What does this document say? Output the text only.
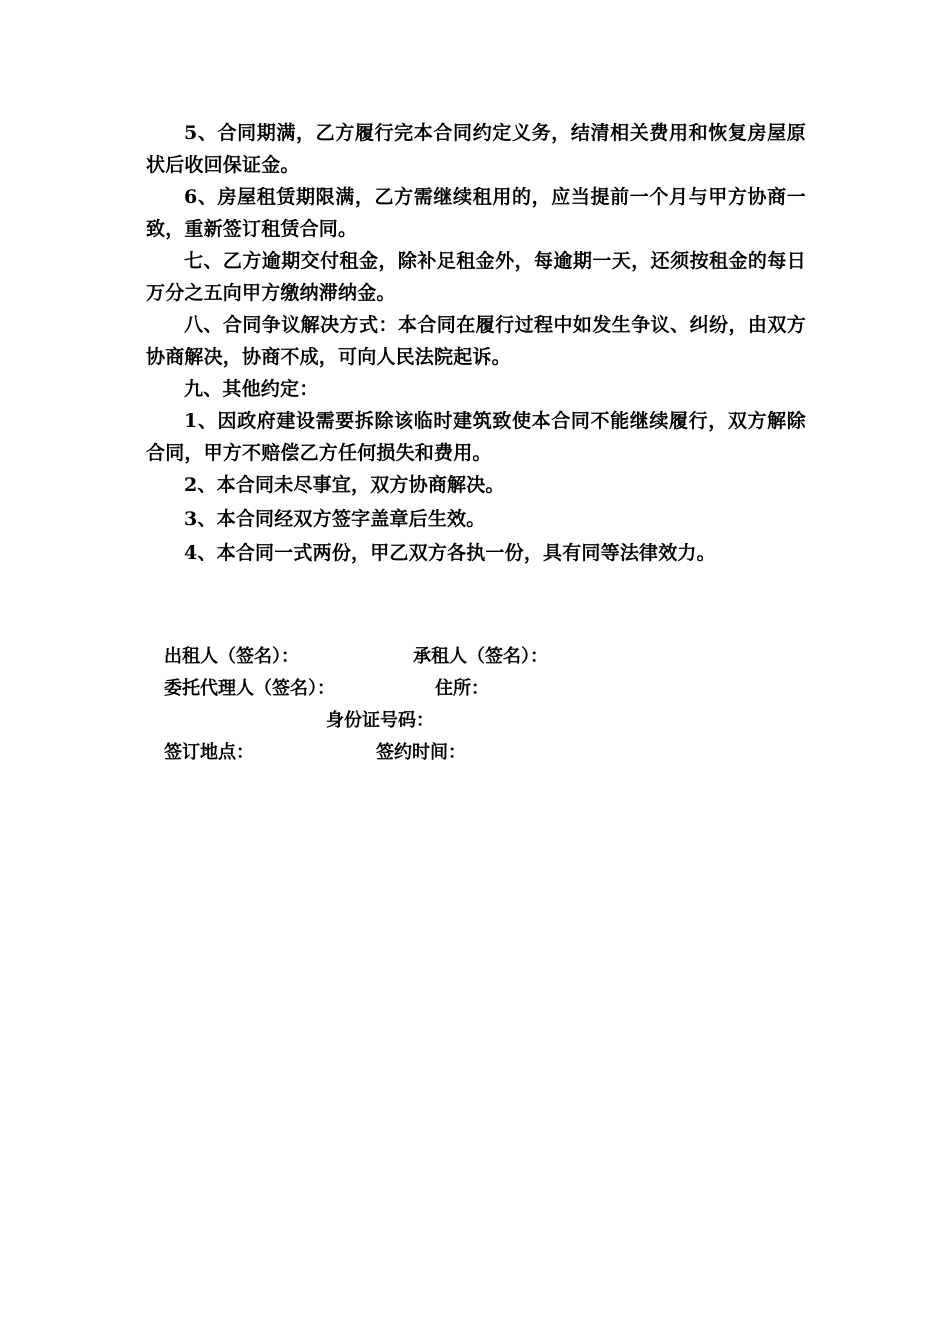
5、合同期满，乙方履行完本合同约定义务，结清相关费用和恢复房屋原状后收回保证金。

6、房屋租赁期限满，乙方需继续租用的，应当提前一个月与甲方协商一致，重新签订租赁合同。

七、乙方逾期交付租金，除补足租金外，每逾期一天，还须按租金的每日万分之五向甲方缴纳滞纳金。

八、合同争议解决方式：本合同在履行过程中如发生争议、纠纷，由双方协商解决，协商不成，可向人民法院起诉。

九、其他约定：

1、因政府建设需要拆除该临时建筑致使本合同不能继续履行，双方解除合同，甲方不赔偿乙方任何损失和费用。

2、本合同未尽事宜，双方协商解决。

3、本合同经双方签字盖章后生效。

4、本合同一式两份，甲乙双方各执一份，具有同等法律效力。

出租人（签名）：	承租人（签名）：
委托代理人（签名）：	住所：
身份证号码：
签订地点：	签约时间：
